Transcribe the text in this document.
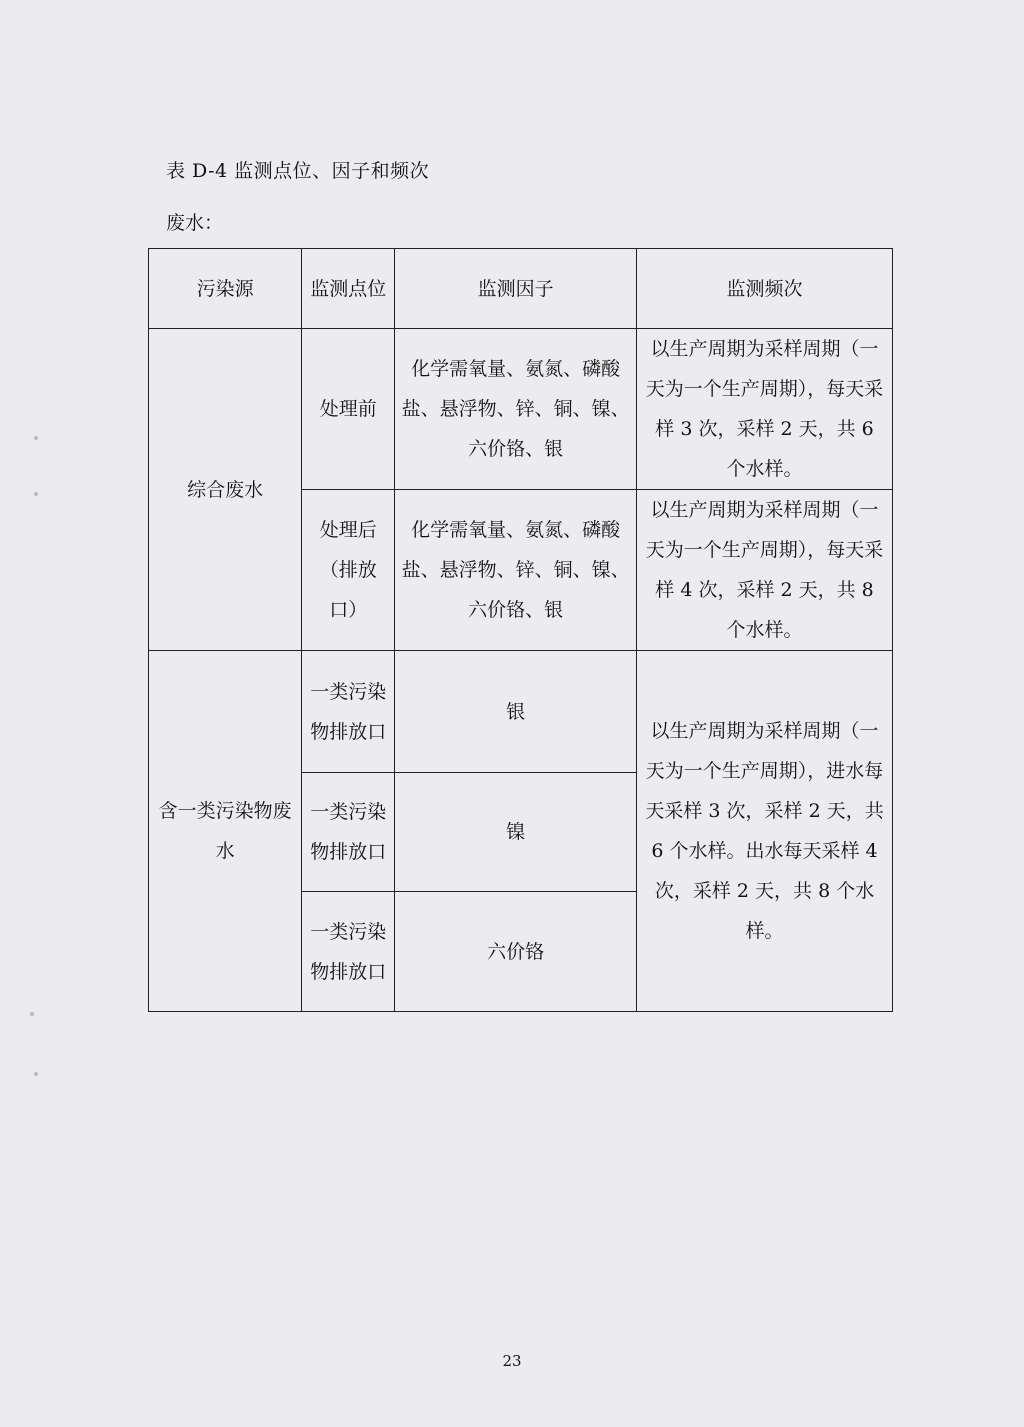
表 D-4 监测点位、因子和频次
废水：
污染源	监测点位	监测因子	监测频次
综合废水	处理前	化学需氧量、氨氮、磷酸盐、悬浮物、锌、铜、镍、六价铬、银	以生产周期为采样周期（一天为一个生产周期），每天采样 3 次，采样 2 天，共 6 个水样。
	处理后（排放口）	化学需氧量、氨氮、磷酸盐、悬浮物、锌、铜、镍、六价铬、银	以生产周期为采样周期（一天为一个生产周期），每天采样 4 次，采样 2 天，共 8 个水样。
含一类污染物废水	一类污染物排放口	银	以生产周期为采样周期（一天为一个生产周期），进水每天采样 3 次，采样 2 天，共 6 个水样。出水每天采样 4 次，采样 2 天，共 8 个水样。
	一类污染物排放口	镍	
	一类污染物排放口	六价铬	
23
